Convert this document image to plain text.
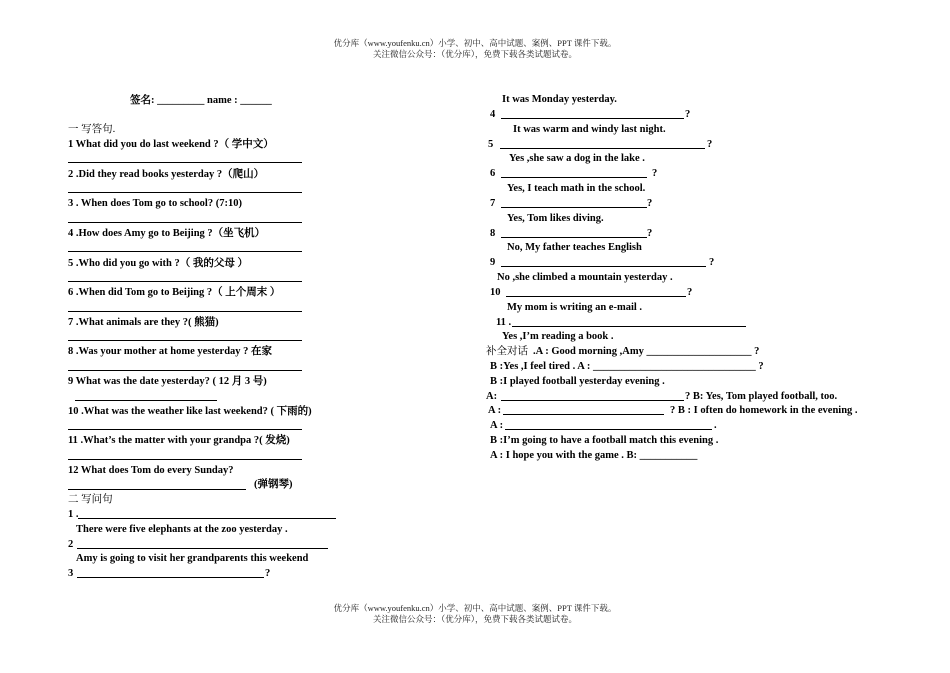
优分库（www.youfenku.cn）小学、初中、高中试题、案例、PPT 课件下载。
关注微信公众号：（优分库），免费下载各类试题试卷。
签名: _________ name : ______
一 写答句.
1 What did you do last weekend ?（ 学中文）
2 .Did they read books yesterday ?（爬山）
3 . When does Tom go to school? (7:10)
4 .How does Amy go to Beijing ?（坐飞机）
5 .Who did you go with ?（ 我的父母 ）
6 .When did Tom go to Beijing ?（ 上个周末 ）
7 .What animals are they ?( 熊猫)
8 .Was your mother at home yesterday ? 在家
9 What was the date yesterday? ( 12 月 3 号)
10 .What was the weather like last weekend? ( 下雨的)
11 .What’s the matter with your grandpa ?( 发烧)
12 What does Tom do every Sunday?
(弹钢琴)
二 写问句
1 .
There were five elephants at the zoo yesterday .
2
Amy is going to visit her grandparents this weekend
3	?
It was Monday yesterday.
4	?
It was warm and windy last night.
5	?
Yes ,she saw a dog in the lake .
6	?
Yes, I teach math in the school.
7	?
Yes, Tom likes diving.
8	?
No, My father teaches English
9	?
No ,she climbed a mountain yesterday .
10	?
My mom is writing an e-mail .
11 .
Yes ,I’m reading a book .
补全对话 .A : Good morning ,Amy ____________________ ?
B :Yes ,I feel tired . A : _______________________________ ?
B :I played football yesterday evening .
A:	? B: Yes, Tom played football, too.
A :	? B : I often do homework in the evening .
A :	.
B :I’m going to have a football match this evening .
A : I hope you with the game . B: ___________
优分库（www.youfenku.cn）小学、初中、高中试题、案例、PPT 课件下载。
关注微信公众号：（优分库），免费下载各类试题试卷。
